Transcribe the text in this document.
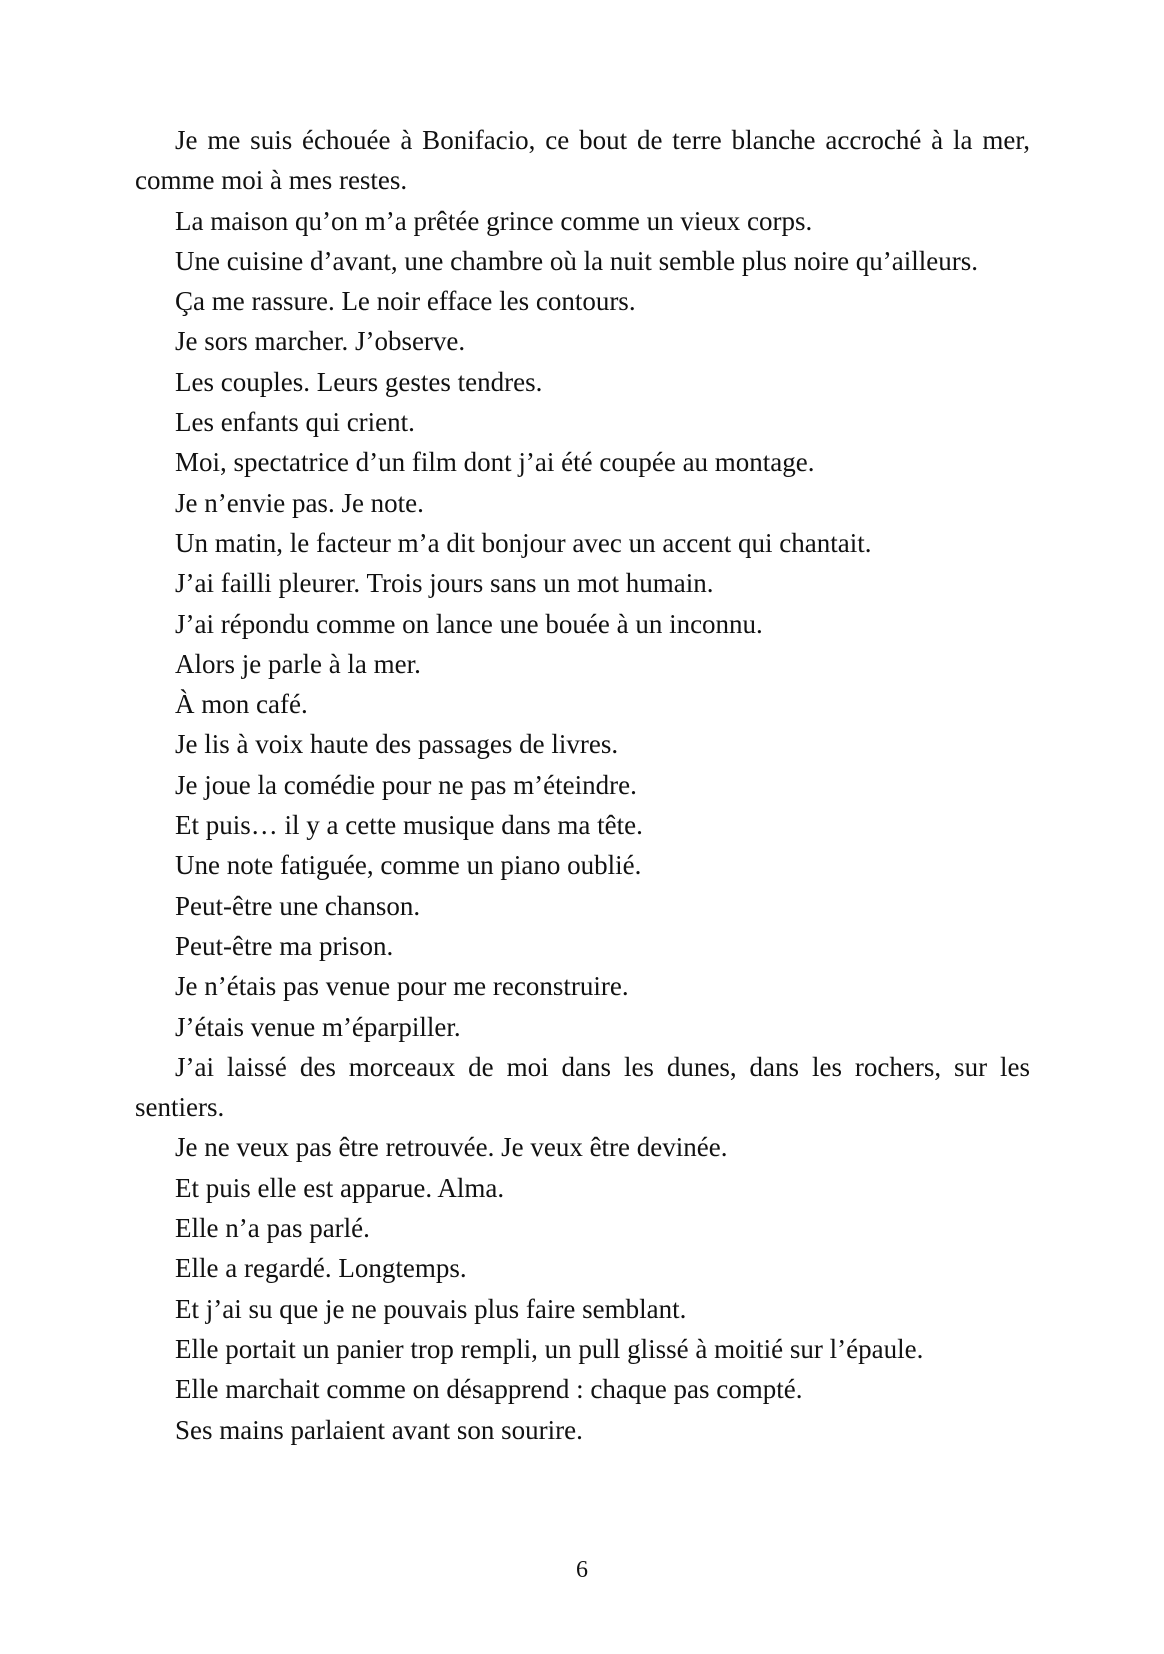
Je me suis échouée à Bonifacio, ce bout de terre blanche accroché à la mer, comme moi à mes restes.

La maison qu’on m’a prêtée grince comme un vieux corps.

Une cuisine d’avant, une chambre où la nuit semble plus noire qu’ailleurs.

Ça me rassure. Le noir efface les contours.

Je sors marcher. J’observe.

Les couples. Leurs gestes tendres.

Les enfants qui crient.

Moi, spectatrice d’un film dont j’ai été coupée au montage.

Je n’envie pas. Je note.

Un matin, le facteur m’a dit bonjour avec un accent qui chantait.

J’ai failli pleurer. Trois jours sans un mot humain.

J’ai répondu comme on lance une bouée à un inconnu.

Alors je parle à la mer.

À mon café.

Je lis à voix haute des passages de livres.

Je joue la comédie pour ne pas m’éteindre.

Et puis… il y a cette musique dans ma tête.

Une note fatiguée, comme un piano oublié.

Peut-être une chanson.

Peut-être ma prison.

Je n’étais pas venue pour me reconstruire.

J’étais venue m’éparpiller.

J’ai laissé des morceaux de moi dans les dunes, dans les rochers, sur les sentiers.

Je ne veux pas être retrouvée. Je veux être devinée.

Et puis elle est apparue. Alma.

Elle n’a pas parlé.

Elle a regardé. Longtemps.

Et j’ai su que je ne pouvais plus faire semblant.

Elle portait un panier trop rempli, un pull glissé à moitié sur l’épaule.

Elle marchait comme on désapprend : chaque pas compté.

Ses mains parlaient avant son sourire.

6
